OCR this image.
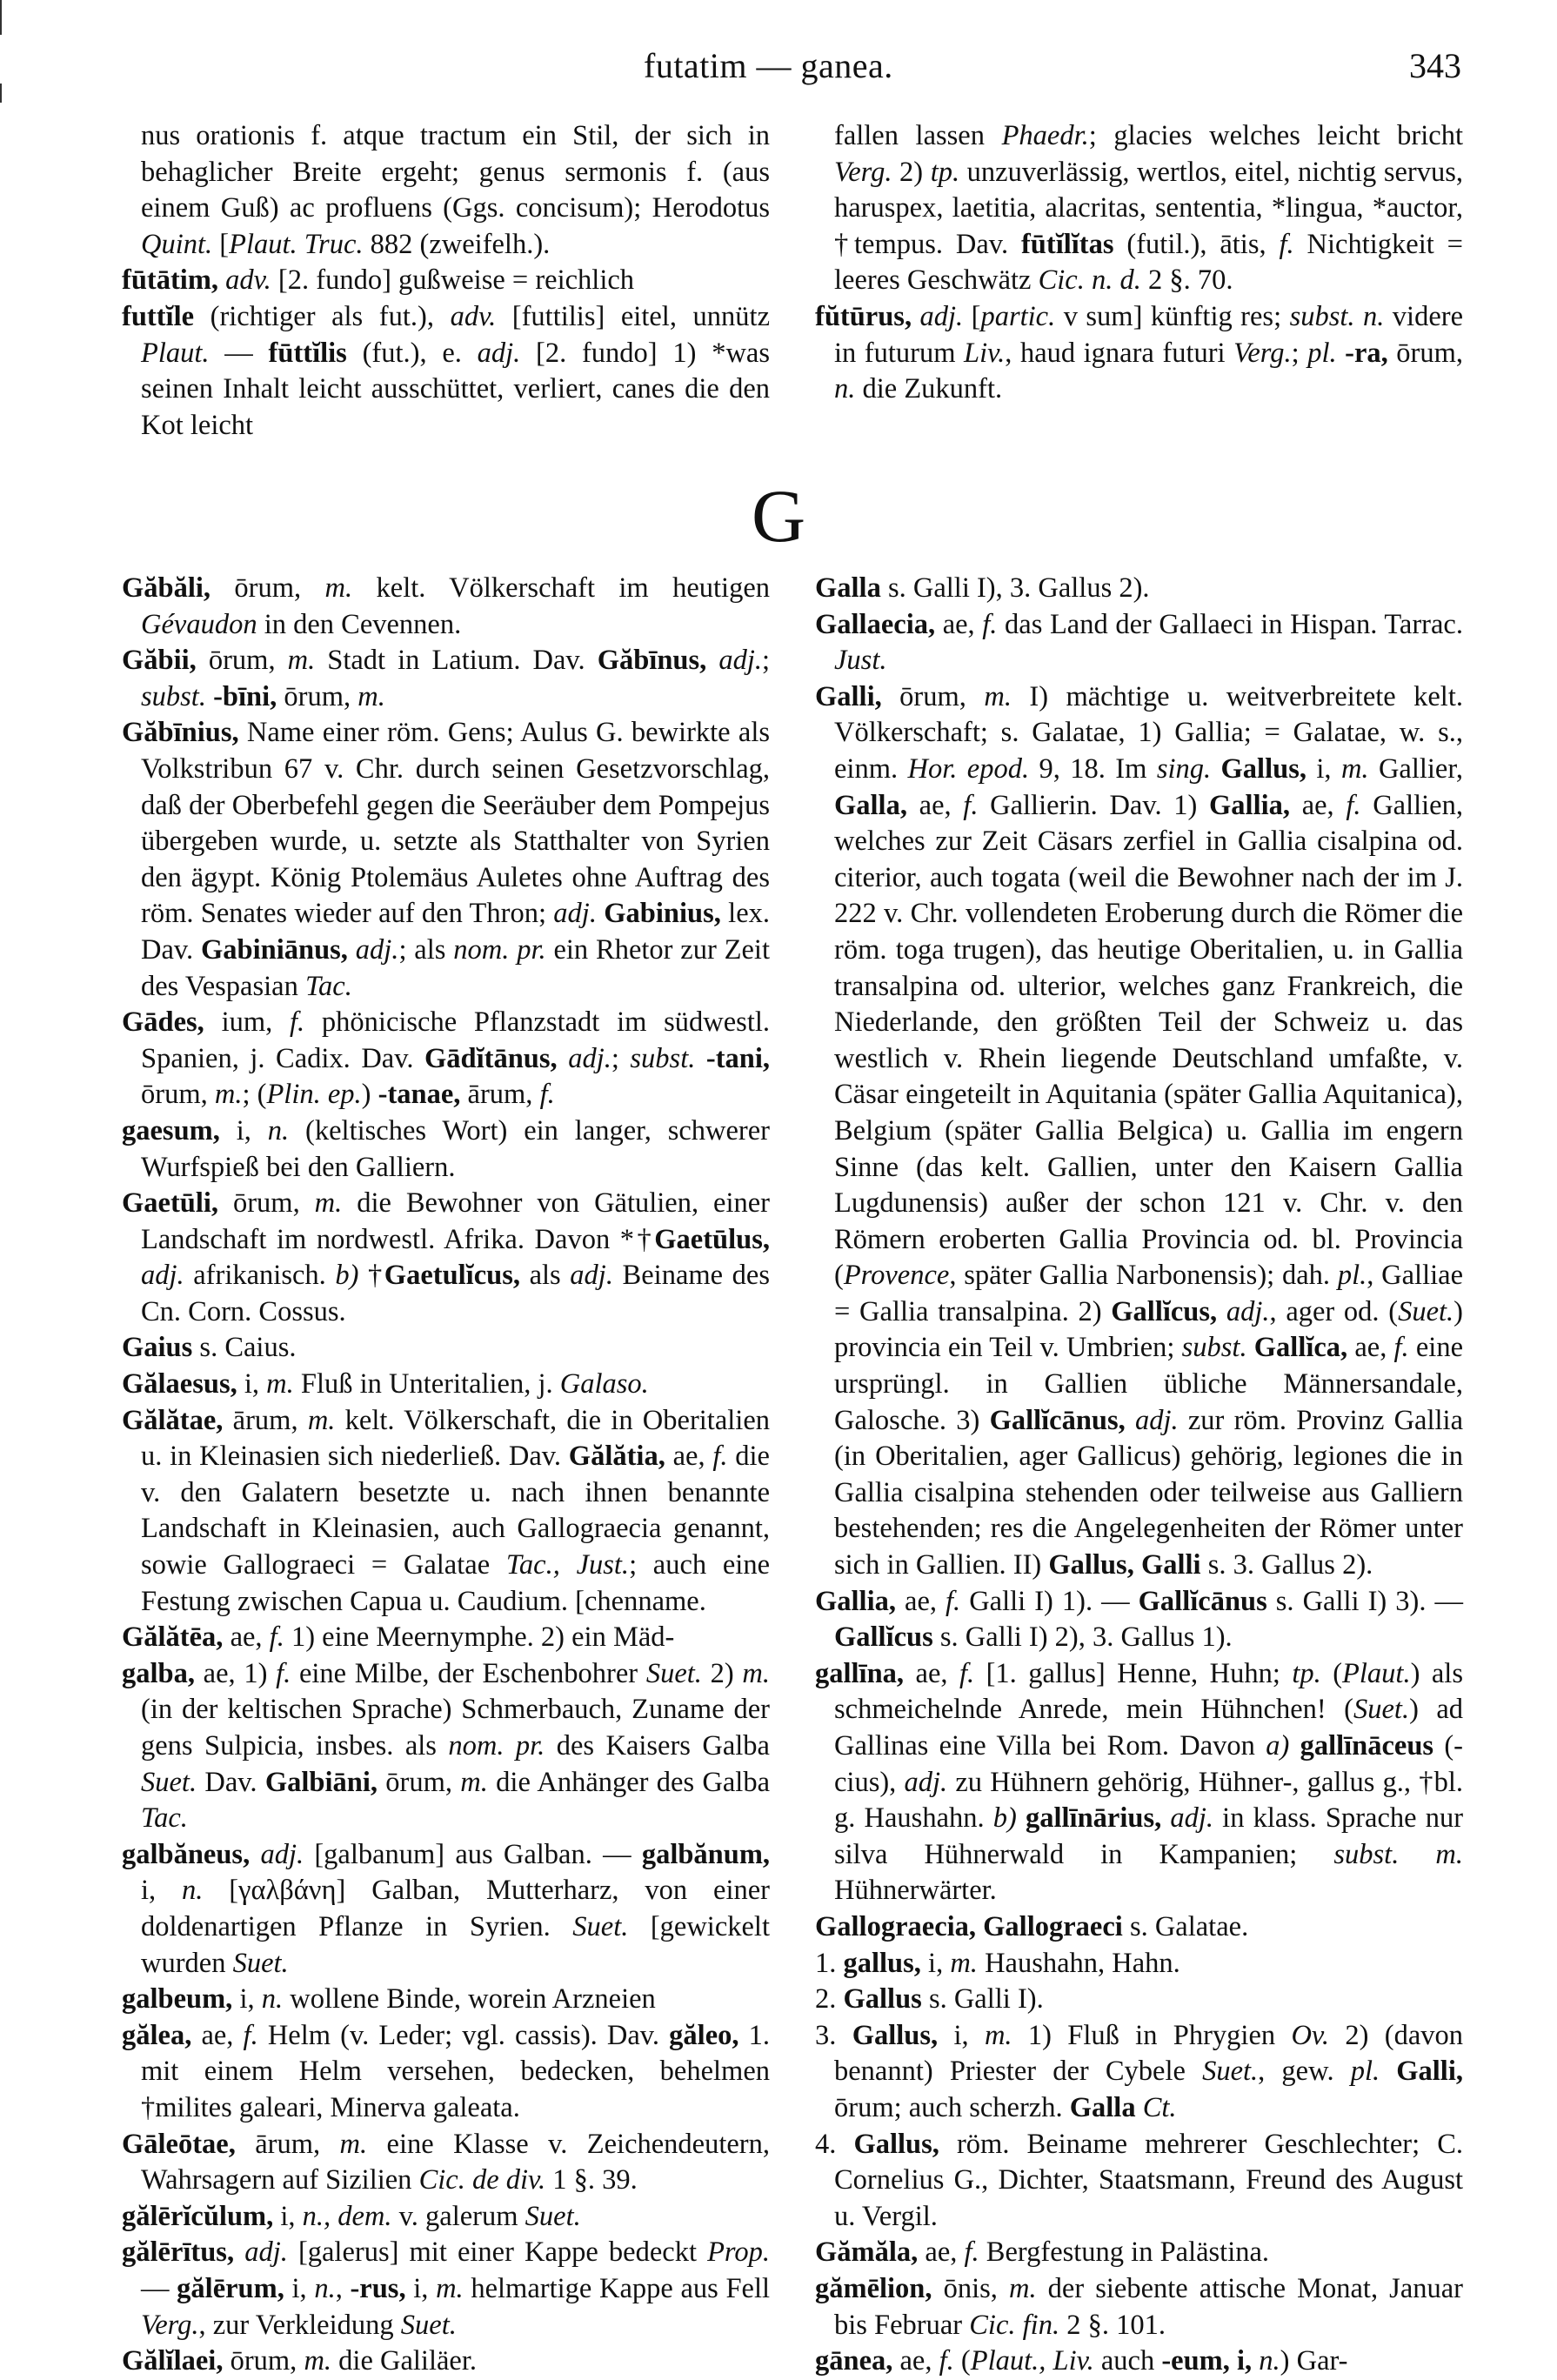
futatim — ganea.	343

nus orationis f. atque tractum ein Stil, der sich in behaglicher Breite ergeht; genus sermonis f. (aus einem Guß) ac profluens (Ggs. concisum); Herodotus Quint. [Plaut. Truc. 882 (zweifelh.).

fūtātim, adv. [2. fundo] gußweise = reichlich

futtĭle (richtiger als fut.), adv. [futtilis] eitel, unnütz Plaut. — fūttĭlis (fut.), e. adj. [2. fundo] 1) *was seinen Inhalt leicht ausschüttet, verliert, canes die den Kot leicht

fallen lassen Phaedr.; glacies welches leicht bricht Verg. 2) tp. unzuverlässig, wertlos, eitel, nichtig servus, haruspex, laetitia, alacritas, sententia, *lingua, *auctor, †tempus. Dav. fūtĭlĭtas (futil.), ātis, f. Nichtigkeit = leeres Geschwätz Cic. n. d. 2 §. 70.

fŭtūrus, adj. [partic. v sum] künftig res; subst. n. videre in futurum Liv., haud ignara futuri Verg.; pl. -ra, ōrum, n. die Zukunft.

G

Găbăli, ōrum, m. kelt. Völkerschaft im heutigen Gévaudon in den Cevennen.

Găbii, ōrum, m. Stadt in Latium. Dav. Găbīnus, adj.; subst. -bīni, ōrum, m.

Găbīnius, Name einer röm. Gens; Aulus G. bewirkte als Volkstribun 67 v. Chr. durch seinen Gesetzvorschlag, daß der Oberbefehl gegen die Seeräuber dem Pompejus übergeben wurde, u. setzte als Statthalter von Syrien den ägypt. König Ptolemäus Auletes ohne Auftrag des röm. Senates wieder auf den Thron; adj. Gabinius, lex. Dav. Gabiniānus, adj.; als nom. pr. ein Rhetor zur Zeit des Vespasian Tac.

Gādes, ium, f. phönicische Pflanzstadt im südwestl. Spanien, j. Cadix. Dav. Gādĭtānus, adj.; subst. -tani, ōrum, m.; (Plin. ep.) -tanae, ārum, f.

gaesum, i, n. (keltisches Wort) ein langer, schwerer Wurfspieß bei den Galliern.

Gaetūli, ōrum, m. die Bewohner von Gätulien, einer Landschaft im nordwestl. Afrika. Davon *†Gaetūlus, adj. afrikanisch. b) †Gaetulĭcus, als adj. Beiname des Cn. Corn. Cossus.

Gaius s. Caius.

Gălaesus, i, m. Fluß in Unteritalien, j. Galaso.

Gălătae, ārum, m. kelt. Völkerschaft, die in Oberitalien u. in Kleinasien sich niederließ. Dav. Gălătia, ae, f. die v. den Galatern besetzte u. nach ihnen benannte Landschaft in Kleinasien, auch Gallograecia genannt, sowie Gallograeci = Galatae Tac., Just.; auch eine Festung zwischen Capua u. Caudium. [chenname.

Gălătēa, ae, f. 1) eine Meernymphe. 2) ein Mäd-

galba, ae, 1) f. eine Milbe, der Eschenbohrer Suet. 2) m. (in der keltischen Sprache) Schmerbauch, Zuname der gens Sulpicia, insbes. als nom. pr. des Kaisers Galba Suet. Dav. Galbiāni, ōrum, m. die Anhänger des Galba Tac.

galbăneus, adj. [galbanum] aus Galban. — galbănum, i, n. [γαλβάνη] Galban, Mutterharz, von einer doldenartigen Pflanze in Syrien. Suet. [gewickelt wurden Suet.

galbeum, i, n. wollene Binde, worein Arzneien

gălea, ae, f. Helm (v. Leder; vgl. cassis). Dav. găleo, 1. mit einem Helm versehen, bedecken, behelmen †milites galeari, Minerva galeata.

Gāleōtae, ārum, m. eine Klasse v. Zeichendeutern, Wahrsagern auf Sizilien Cic. de div. 1 §. 39.

gălērĭcŭlum, i, n., dem. v. galerum Suet.

gălērītus, adj. [galerus] mit einer Kappe bedeckt Prop. — gălērum, i, n., -rus, i, m. helmartige Kappe aus Fell Verg., zur Verkleidung Suet.

Gălĭlaei, ōrum, m. die Galiläer.

Galla s. Galli I), 3. Gallus 2).

Gallaecia, ae, f. das Land der Gallaeci in Hispan. Tarrac. Just.

Galli, ōrum, m. I) mächtige u. weitverbreitete kelt. Völkerschaft; s. Galatae, 1) Gallia; = Galatae, w. s., einm. Hor. epod. 9, 18. Im sing. Gallus, i, m. Gallier, Galla, ae, f. Gallierin. Dav. 1) Gallia, ae, f. Gallien, welches zur Zeit Cäsars zerfiel in Gallia cisalpina od. citerior, auch togata (weil die Bewohner nach der im J. 222 v. Chr. vollendeten Eroberung durch die Römer die röm. toga trugen), das heutige Oberitalien, u. in Gallia transalpina od. ulterior, welches ganz Frankreich, die Niederlande, den größten Teil der Schweiz u. das westlich v. Rhein liegende Deutschland umfaßte, v. Cäsar eingeteilt in Aquitania (später Gallia Aquitanica), Belgium (später Gallia Belgica) u. Gallia im engern Sinne (das kelt. Gallien, unter den Kaisern Gallia Lugdunensis) außer der schon 121 v. Chr. v. den Römern eroberten Gallia Provincia od. bl. Provincia (Provence, später Gallia Narbonensis); dah. pl., Galliae = Gallia transalpina. 2) Gallĭcus, adj., ager od. (Suet.) provincia ein Teil v. Umbrien; subst. Gallĭca, ae, f. eine ursprüngl. in Gallien übliche Männersandale, Galosche. 3) Gallĭcānus, adj. zur röm. Provinz Gallia (in Oberitalien, ager Gallicus) gehörig, legiones die in Gallia cisalpina stehenden oder teilweise aus Galliern bestehenden; res die Angelegenheiten der Römer unter sich in Gallien. II) Gallus, Galli s. 3. Gallus 2).

Gallia, ae, f. Galli I) 1). — Gallĭcānus s. Galli I) 3). — Gallĭcus s. Galli I) 2), 3. Gallus 1).

gallīna, ae, f. [1. gallus] Henne, Huhn; tp. (Plaut.) als schmeichelnde Anrede, mein Hühnchen! (Suet.) ad Gallinas eine Villa bei Rom. Davon a) gallīnāceus (-cius), adj. zu Hühnern gehörig, Hühner-, gallus g., †bl. g. Haushahn. b) gallīnārius, adj. in klass. Sprache nur silva Hühnerwald in Kampanien; subst. m. Hühnerwärter.

Gallograecia, Gallograeci s. Galatae.

1. gallus, i, m. Haushahn, Hahn.

2. Gallus s. Galli I).

3. Gallus, i, m. 1) Fluß in Phrygien Ov. 2) (davon benannt) Priester der Cybele Suet., gew. pl. Galli, ōrum; auch scherzh. Galla Ct.

4. Gallus, röm. Beiname mehrerer Geschlechter; C. Cornelius G., Dichter, Staatsmann, Freund des August u. Vergil.

Gămăla, ae, f. Bergfestung in Palästina.

gămēlion, ōnis, m. der siebente attische Monat, Januar bis Februar Cic. fin. 2 §. 101.

gānea, ae, f. (Plaut., Liv. auch -eum, i, n.) Gar-
